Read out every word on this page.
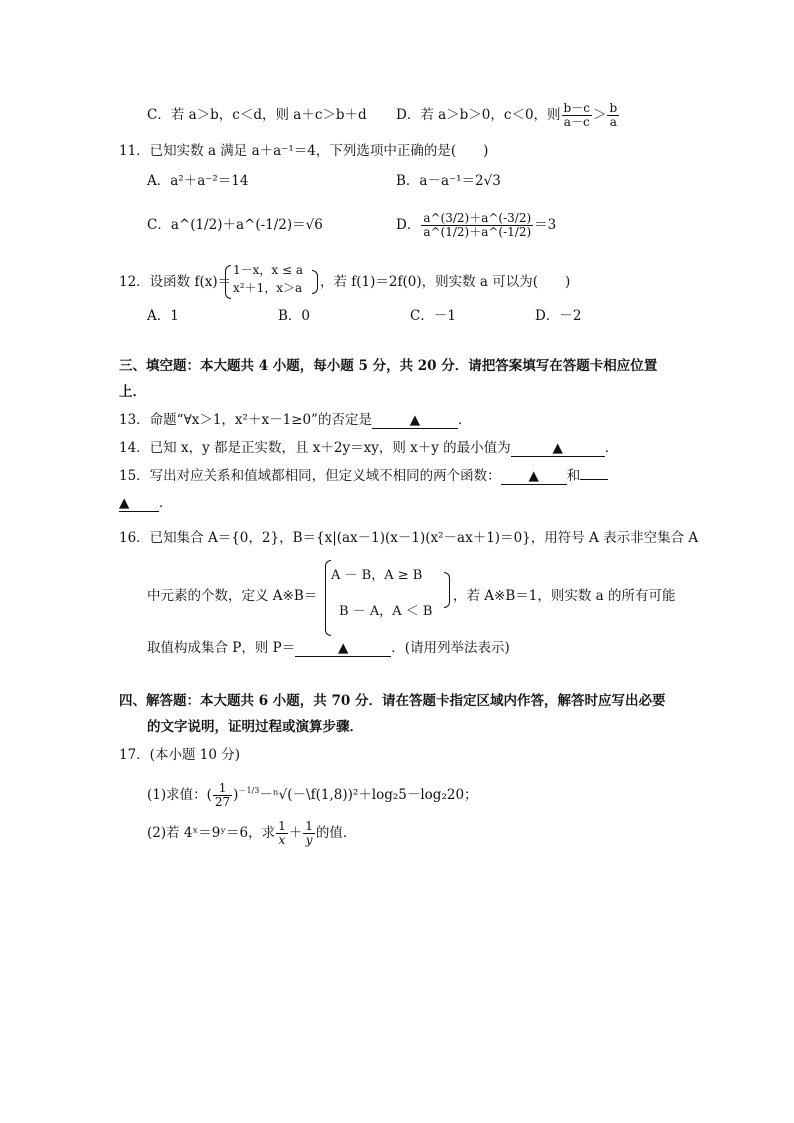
C．若 a＞b，c＜d，则 a＋c＞b＋d D．若 a＞b＞0，c＜0，则 $\frac{b-c}{a-c} > \frac{b}{a}$
11．已知实数 a 满足 a＋a⁻¹＝4，下列选项中正确的是(　　)
A．a²＋a⁻²＝14	B．a－a⁻¹＝2√3
C．a^(1/2)＋a^(-1/2)＝√6	D． $\frac{a\^{}(3/2)+a\^{}(-3/2)}{a\^{}(1/2)+a\^{}(-1/2)} =3$
12．设函数 f(x)＝
1－x，x ≤ a
x²＋1，x＞a ，若 f(1)＝2f(0)，则实数 a 可以为(　　)
A．1	B．0	C．－1	D．－2
三、填空题：本大题共 4 小题，每小题 5 分，共 20 分．请把答案填写在答题卡相应位置
上．
13．命题“∀x＞1，x²＋x－1≥0”的否定是	▲	．
14．已知 x，y 都是正实数，且 x＋2y＝xy，则 x＋y 的最小值为	▲	．
15．写出对应关系和值域都相同，但定义域不相同的两个函数： ▲ 和
▲ ．
16．已知集合 A＝{0，2}，B＝{x|(ax－1)(x－1)(x²－ax＋1)＝0}，用符号 A 表示非空集合 A
中元素的个数，定义 A※B＝
A － B，A ≥ B
B － A，A ＜ B
，若 A※B＝1，则实数 a 的所有可能
取值构成集合 P，则 P＝	▲	．(请用列举法表示)
四、解答题：本大题共 6 小题，共 70 分．请在答题卡指定区域内作答，解答时应写出必要
的文字说明，证明过程或演算步骤．
17．(本小题 10 分)
(1)求值：( $\frac{1}{27}$ )$^{-1/3}$－ⁿ√(－\f(1,8))²＋log₂5－log₂20；
(2)若 4ˣ＝9ʸ＝6，求 $\frac{1}{x} + \frac{1}{y}$ 的值．
